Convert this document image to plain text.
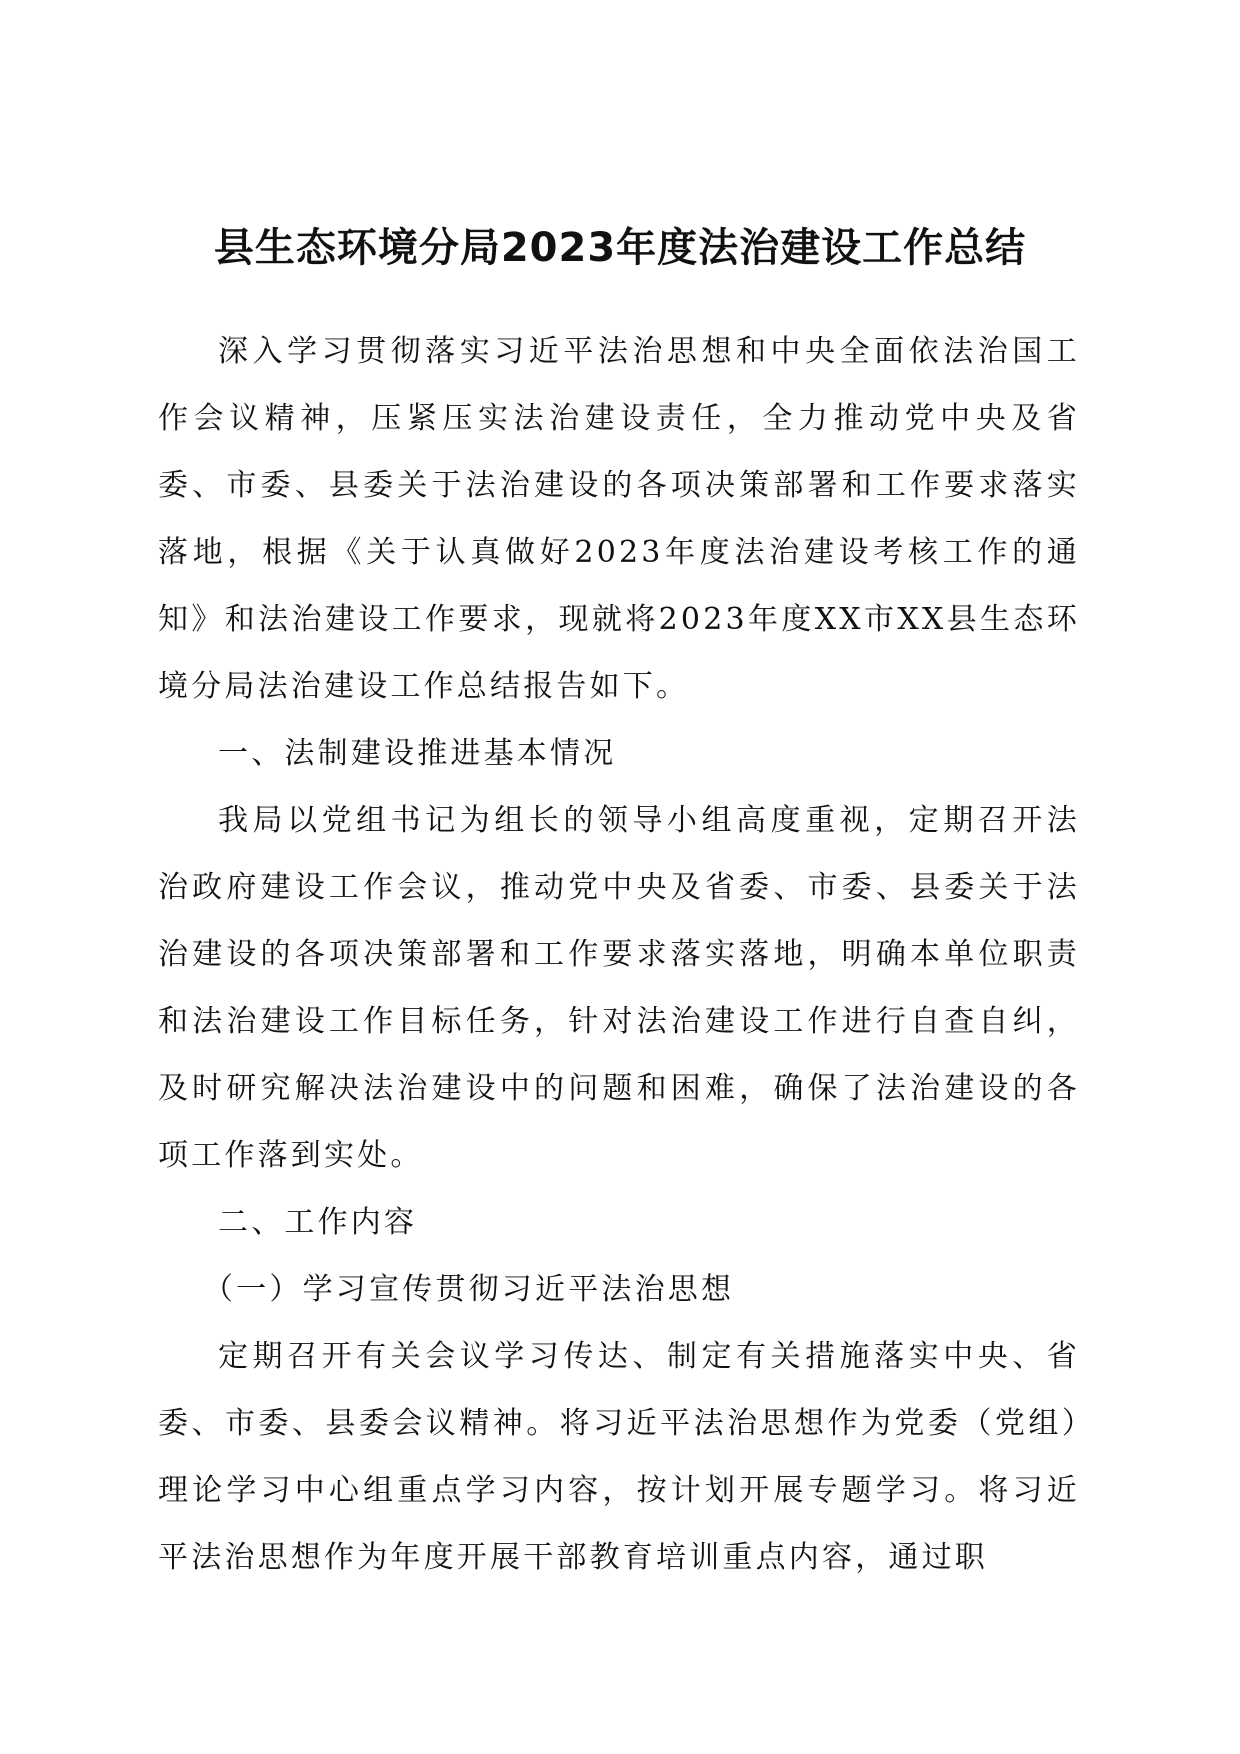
县生态环境分局2023年度法治建设工作总结

深入学习贯彻落实习近平法治思想和中央全面依法治国工作会议精神，压紧压实法治建设责任，全力推动党中央及省委、市委、县委关于法治建设的各项决策部署和工作要求落实落地，根据《关于认真做好2023年度法治建设考核工作的通知》和法治建设工作要求，现就将2023年度XX市XX县生态环境分局法治建设工作总结报告如下。

一、法制建设推进基本情况

我局以党组书记为组长的领导小组高度重视，定期召开法治政府建设工作会议，推动党中央及省委、市委、县委关于法治建设的各项决策部署和工作要求落实落地，明确本单位职责和法治建设工作目标任务，针对法治建设工作进行自查自纠，及时研究解决法治建设中的问题和困难，确保了法治建设的各项工作落到实处。

二、工作内容

（一）学习宣传贯彻习近平法治思想

定期召开有关会议学习传达、制定有关措施落实中央、省委、市委、县委会议精神。将习近平法治思想作为党委（党组）理论学习中心组重点学习内容，按计划开展专题学习。将习近平法治思想作为年度开展干部教育培训重点内容，通过职
